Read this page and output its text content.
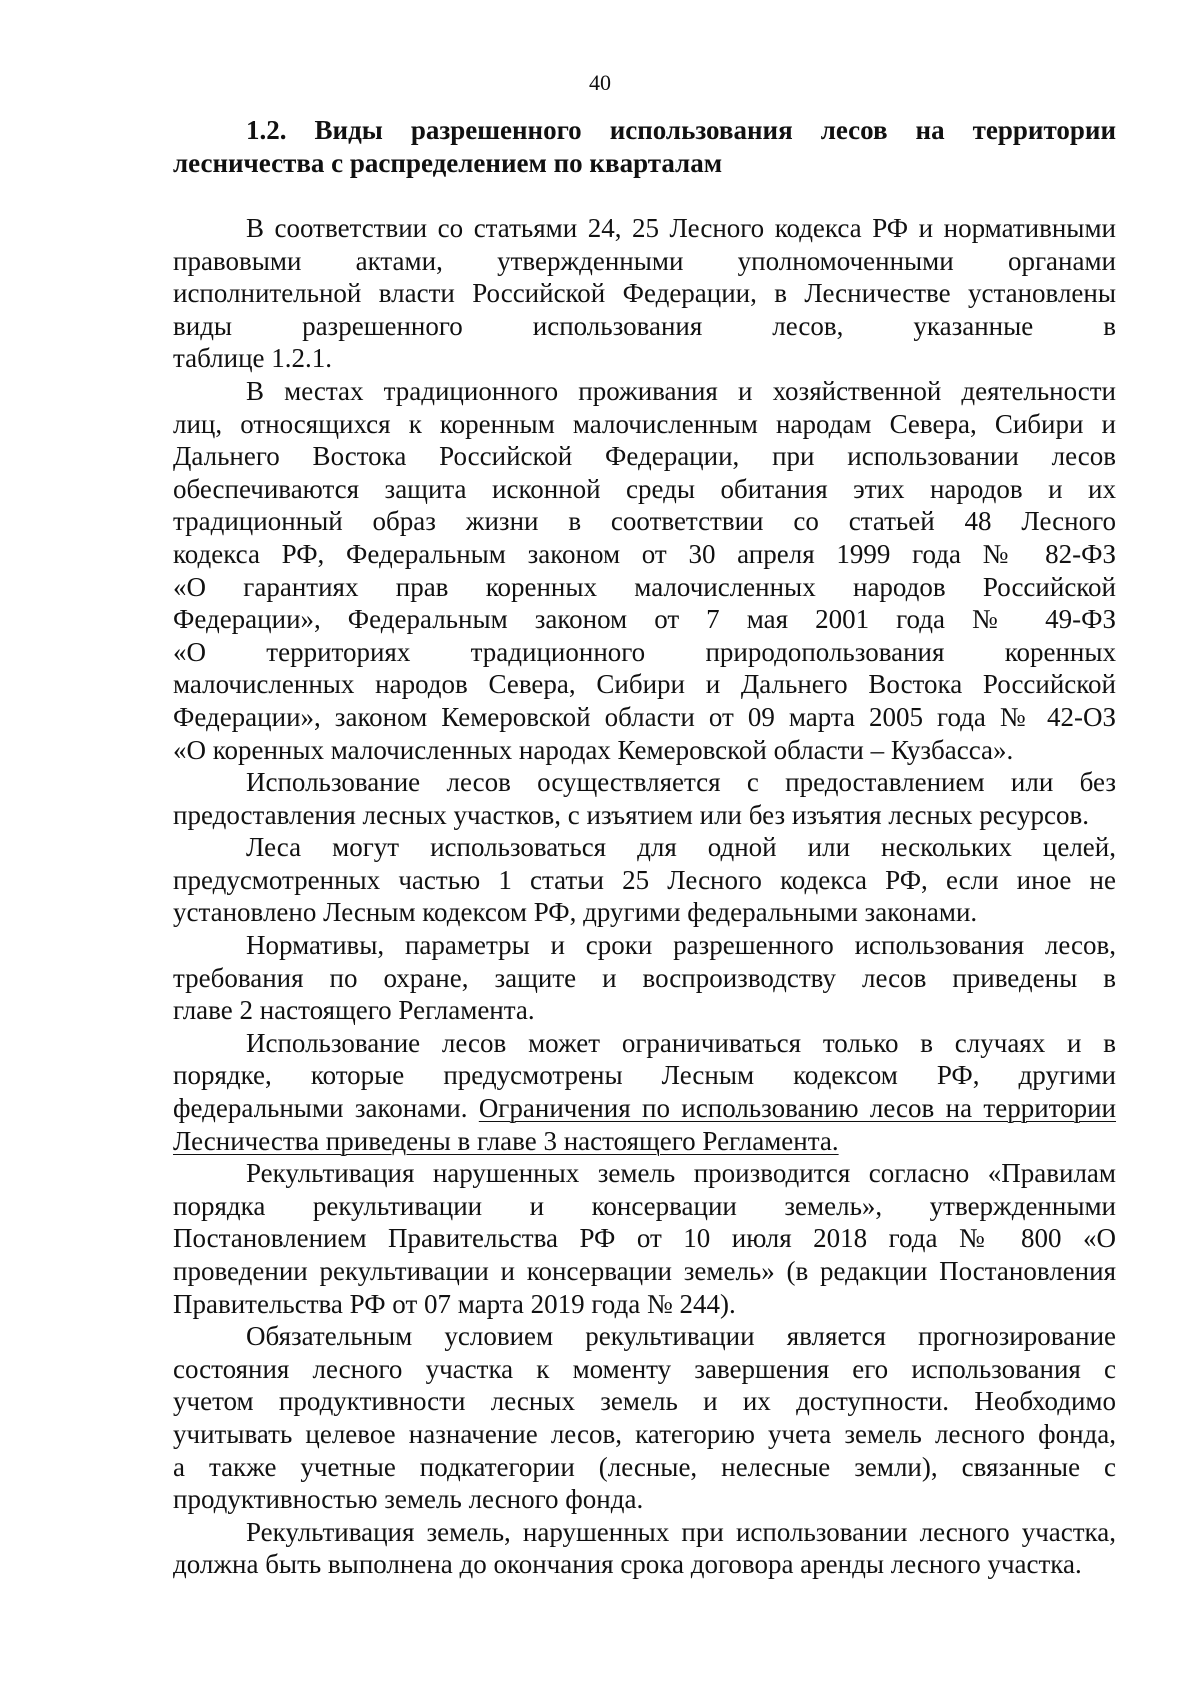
40
1.2. Виды разрешенного использования лесов на территории
лесничества с распределением по кварталам
В соответствии со статьями 24, 25 Лесного кодекса РФ и нормативными
правовыми актами, утвержденными уполномоченными органами
исполнительной власти Российской Федерации, в Лесничестве установлены
виды разрешенного использования лесов, указанные в
таблице 1.2.1.
В местах традиционного проживания и хозяйственной деятельности
лиц, относящихся к коренным малочисленным народам Севера, Сибири и
Дальнего Востока Российской Федерации, при использовании лесов
обеспечиваются защита исконной среды обитания этих народов и их
традиционный образ жизни в соответствии со статьей 48 Лесного
кодекса РФ, Федеральным законом от 30 апреля 1999 года № 82-ФЗ
«О гарантиях прав коренных малочисленных народов Российской
Федерации», Федеральным законом от 7 мая 2001 года № 49-ФЗ
«О территориях традиционного природопользования коренных
малочисленных народов Севера, Сибири и Дальнего Востока Российской
Федерации», законом Кемеровской области от 09 марта 2005 года № 42-ОЗ
«О коренных малочисленных народах Кемеровской области – Кузбасса».
Использование лесов осуществляется с предоставлением или без
предоставления лесных участков, с изъятием или без изъятия лесных ресурсов.
Леса могут использоваться для одной или нескольких целей,
предусмотренных частью 1 статьи 25 Лесного кодекса РФ, если иное не
установлено Лесным кодексом РФ, другими федеральными законами.
Нормативы, параметры и сроки разрешенного использования лесов,
требования по охране, защите и воспроизводству лесов приведены в
главе 2 настоящего Регламента.
Использование лесов может ограничиваться только в случаях и в
порядке, которые предусмотрены Лесным кодексом РФ, другими
федеральными законами. Ограничения по использованию лесов на территории
Лесничества приведены в главе 3 настоящего Регламента.
Рекультивация нарушенных земель производится согласно «Правилам
порядка рекультивации и консервации земель», утвержденными
Постановлением Правительства РФ от 10 июля 2018 года № 800 «О
проведении рекультивации и консервации земель» (в редакции Постановления
Правительства РФ от 07 марта 2019 года № 244).
Обязательным условием рекультивации является прогнозирование
состояния лесного участка к моменту завершения его использования с
учетом продуктивности лесных земель и их доступности. Необходимо
учитывать целевое назначение лесов, категорию учета земель лесного фонда,
а также учетные подкатегории (лесные, нелесные земли), связанные с
продуктивностью земель лесного фонда.
Рекультивация земель, нарушенных при использовании лесного участка,
должна быть выполнена до окончания срока договора аренды лесного участка.
